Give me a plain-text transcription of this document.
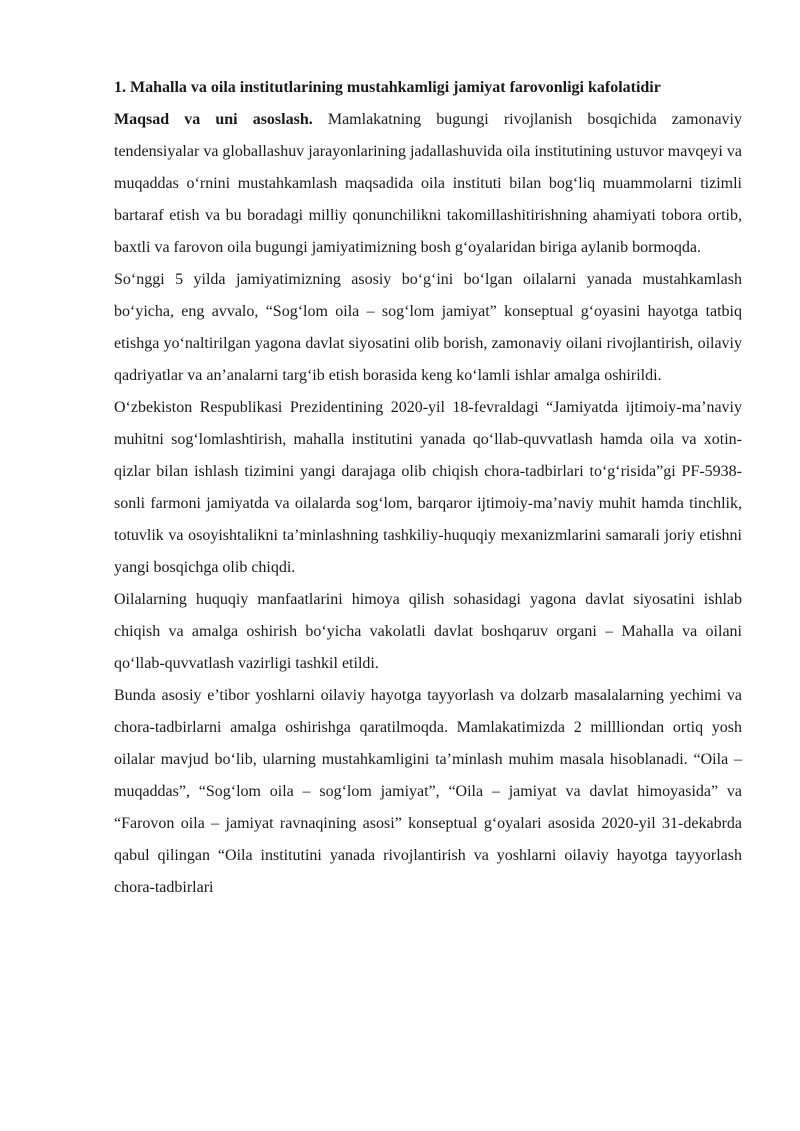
1. Mahalla va oila institutlarining mustahkamligi jamiyat farovonligi kafolatidir

Maqsad va uni asoslash. Mamlakatning bugungi rivojlanish bosqichida zamonaviy tendensiyalar va globallashuv jarayonlarining jadallashuvida oila institutining ustuvor mavqeyi va muqaddas o‘rnini mustahkamlash maqsadida oila instituti bilan bog‘liq muammolarni tizimli bartaraf etish va bu boradagi milliy qonunchilikni takomillashitirishning ahamiyati tobora ortib, baxtli va farovon oila bugungi jamiyatimizning bosh g‘oyalaridan biriga aylanib bormoqda.

So‘nggi 5 yilda jamiyatimizning asosiy bo‘g‘ini bo‘lgan oilalarni yanada mustahkamlash bo‘yicha, eng avvalo, “Sog‘lom oila – sog‘lom jamiyat” konseptual g‘oyasini hayotga tatbiq etishga yo‘naltirilgan yagona davlat siyosatini olib borish, zamonaviy oilani rivojlantirish, oilaviy qadriyatlar va an’analarni targ‘ib etish borasida keng ko‘lamli ishlar amalga oshirildi.

O‘zbekiston Respublikasi Prezidentining 2020-yil 18-fevraldagi “Jamiyatda ijtimoiy-ma’naviy muhitni sog‘lomlashtirish, mahalla institutini yanada qo‘llab-quvvatlash hamda oila va xotin-qizlar bilan ishlash tizimini yangi darajaga olib chiqish chora-tadbirlari to‘g‘risida”gi PF-5938-sonli farmoni jamiyatda va oilalarda sog‘lom, barqaror ijtimoiy-ma’naviy muhit hamda tinchlik, totuvlik va osoyishtalikni ta’minlashning tashkiliy-huquqiy mexanizmlarini samarali joriy etishni yangi bosqichga olib chiqdi.

Oilalarning huquqiy manfaatlarini himoya qilish sohasidagi yagona davlat siyosatini ishlab chiqish va amalga oshirish bo‘yicha vakolatli davlat boshqaruv organi – Mahalla va oilani qo‘llab-quvvatlash vazirligi tashkil etildi.

Bunda asosiy e’tibor yoshlarni oilaviy hayotga tayyorlash va dolzarb masalalarning yechimi va chora-tadbirlarni amalga oshirishga qaratilmoqda. Mamlakatimizda 2 millliondan ortiq yosh oilalar mavjud bo‘lib, ularning mustahkamligini ta’minlash muhim masala hisoblanadi. “Oila – muqaddas”, “Sog‘lom oila – sog‘lom jamiyat”, “Oila – jamiyat va davlat himoyasida” va “Farovon oila – jamiyat ravnaqining asosi” konseptual g‘oyalari asosida 2020-yil 31-dekabrda qabul qilingan “Oila institutini yanada rivojlantirish va yoshlarni oilaviy hayotga tayyorlash chora-tadbirlari
